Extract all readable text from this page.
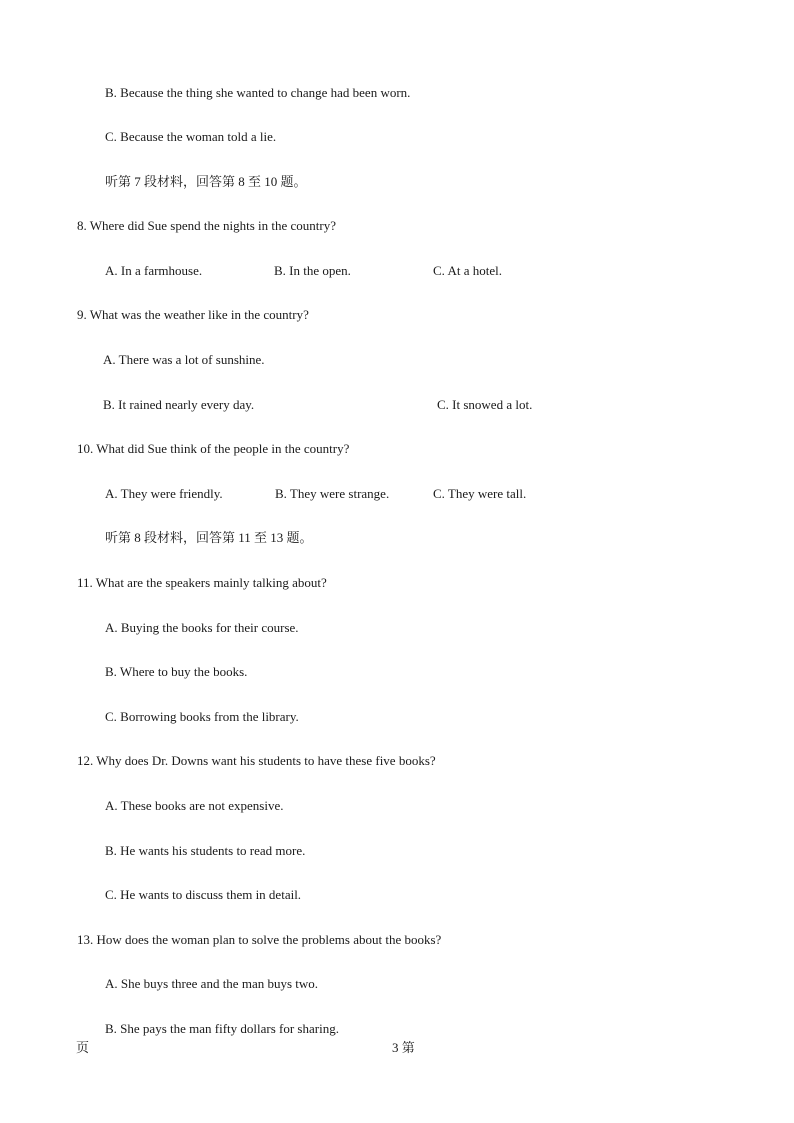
B. Because the thing she wanted to change had been worn.
C. Because the woman told a lie.
听第 7 段材料，回答第 8 至 10 题。
8. Where did Sue spend the nights in the country?
A. In a farmhouse.	B. In the open.	C. At a hotel.
9. What was the weather like in the country?
A. There was a lot of sunshine.
B. It rained nearly every day.	C. It snowed a lot.
10. What did Sue think of the people in the country?
A. They were friendly.	B. They were strange.	C. They were tall.
听第 8 段材料，回答第 11 至 13 题。
11. What are the speakers mainly talking about?
A. Buying the books for their course.
B. Where to buy the books.
C. Borrowing books from the library.
12. Why does Dr. Downs want his students to have these five books?
A. These books are not expensive.
B. He wants his students to read more.
C. He wants to discuss them in detail.
13. How does the woman plan to solve the problems about the books?
A. She buys three and the man buys two.
B. She pays the man fifty dollars for sharing.
页	3 第
